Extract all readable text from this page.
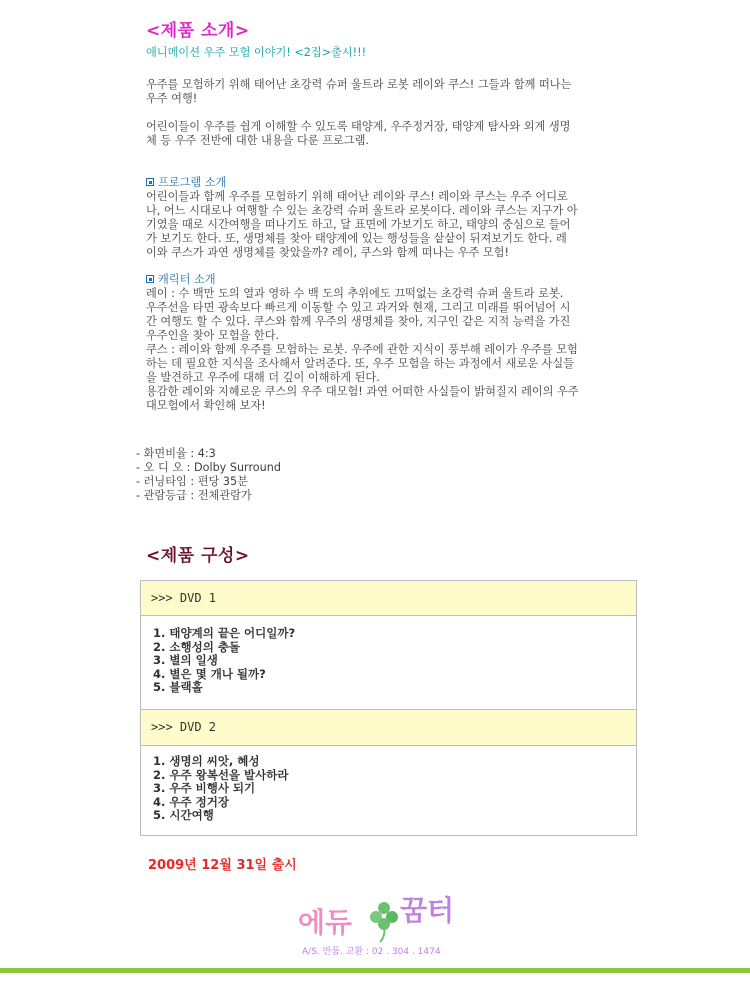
<제품 소개>
애니메이션 우주 모험 이야기! <2집>출시!!!
우주를 모험하기 위해 태어난 초강력 슈퍼 울트라 로봇 레이와 쿠스! 그들과 함께 떠나는
우주 여행!
어린이들이 우주를 쉽게 이해할 수 있도록 태양계, 우주정거장, 태양계 탐사와 외계 생명
체 등 우주 전반에 대한 내용을 다룬 프로그램.
프로그램 소개
어린이들과 함께 우주를 모험하기 위해 태어난 레이와 쿠스! 레이와 쿠스는 우주 어디로
나, 어느 시대로나 여행할 수 있는 초강력 슈퍼 울트라 로봇이다. 레이와 쿠스는 지구가 아
기였을 때로 시간여행을 떠나기도 하고, 달 표면에 가보기도 하고, 태양의 중심으로 들어
가 보기도 한다. 또, 생명체를 찾아 태양계에 있는 행성들을 샅샅이 뒤져보기도 한다. 레
이와 쿠스가 과연 생명체를 찾았을까? 레이, 쿠스와 함께 떠나는 우주 모험!
캐릭터 소개
레이 : 수 백만 도의 열과 영하 수 백 도의 추위에도 끄떡없는 초강력 슈퍼 울트라 로봇.
우주선을 타면 광속보다 빠르게 이동할 수 있고 과거와 현재, 그리고 미래를 뛰어넘어 시
간 여행도 할 수 있다. 쿠스와 함께 우주의 생명체를 찾아, 지구인 같은 지적 능력을 가진
우주인을 찾아 모험을 한다.
쿠스 : 레이와 함께 우주를 모험하는 로봇. 우주에 관한 지식이 풍부해 레이가 우주를 모험
하는 데 필요한 지식을 조사해서 알려준다. 또, 우주 모험을 하는 과정에서 새로운 사실들
을 발견하고 우주에 대해 더 깊이 이해하게 된다.
용감한 레이와 지혜로운 쿠스의 우주 대모험! 과연 어떠한 사실들이 밝혀질지 레이의 우주
대모험에서 확인해 보자!
- 화면비율 : 4:3
- 오 디 오 : Dolby Surround
- 러닝타임 : 편당 35분
- 관람등급 : 전체관람가
<제품 구성>
>>> DVD 1
1. 태양계의 끝은 어디일까?
2. 소행성의 충돌
3. 별의 일생
4. 별은 몇 개나 될까?
5. 블랙홀
>>> DVD 2
1. 생명의 씨앗, 혜성
2. 우주 왕복선을 발사하라
3. 우주 비행사 되기
4. 우주 정거장
5. 시간여행
2009년 12월 31일 출시
에듀 꿈터
A/S. 반품. 교환 : 02 . 304 . 1474
